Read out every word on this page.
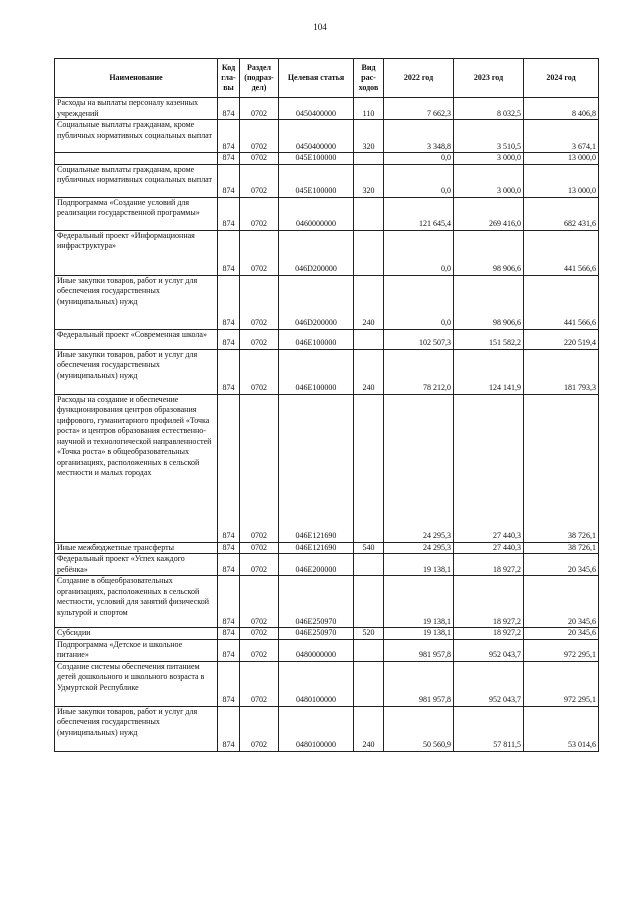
104
Наименование	Код гла-вы	Раздел (подраз-дел)	Целевая статья	Вид рас-ходов	2022 год	2023 год	2024 год
Расходы на выплаты персоналу казенных учреждений	874	0702	0450400000	110	7 662,3	8 032,5	8 406,8
Социальные выплаты гражданам, кроме публичных нормативных социальных выплат	874	0702	0450400000	320	3 348,8	3 510,5	3 674,1
	874	0702	045E100000		0,0	3 000,0	13 000,0
Социальные выплаты гражданам, кроме публичных нормативных социальных выплат	874	0702	045E100000	320	0,0	3 000,0	13 000,0
Подпрограмма «Создание условий для реализации государственной программы»	874	0702	0460000000		121 645,4	269 416,0	682 431,6
Федеральный проект «Информационная инфраструктура»	874	0702	046D200000		0,0	98 906,6	441 566,6
Иные закупки товаров, работ и услуг для обеспечения государственных (муниципальных) нужд	874	0702	046D200000	240	0,0	98 906,6	441 566,6
Федеральный проект «Современная школа»	874	0702	046E100000		102 507,3	151 582,2	220 519,4
Иные закупки товаров, работ и услуг для обеспечения государственных (муниципальных) нужд	874	0702	046E100000	240	78 212,0	124 141,9	181 793,3
Расходы на создание и обеспечение функционирования центров образования цифрового, гуманитарного профилей «Точка роста» и центров образования естественно-научной и технологической направленностей «Точка роста» в общеобразовательных организациях, расположенных в сельской местности и малых городах	874	0702	046E121690		24 295,3	27 440,3	38 726,1
Иные межбюджетные трансферты	874	0702	046E121690	540	24 295,3	27 440,3	38 726,1
Федеральный проект «Успех каждого ребёнка»	874	0702	046E200000		19 138,1	18 927,2	20 345,6
Создание в общеобразовательных организациях, расположенных в сельской местности, условий для занятий физической культурой и спортом	874	0702	046E250970		19 138,1	18 927,2	20 345,6
Субсидии	874	0702	046E250970	520	19 138,1	18 927,2	20 345,6
Подпрограмма «Детское и школьное питание»	874	0702	0480000000		981 957,8	952 043,7	972 295,1
Создание системы обеспечения питанием детей дошкольного и школьного возраста в Удмуртской Республике	874	0702	0480100000		981 957,8	952 043,7	972 295,1
Иные закупки товаров, работ и услуг для обеспечения государственных (муниципальных) нужд	874	0702	0480100000	240	50 560,9	57 811,5	53 014,6
